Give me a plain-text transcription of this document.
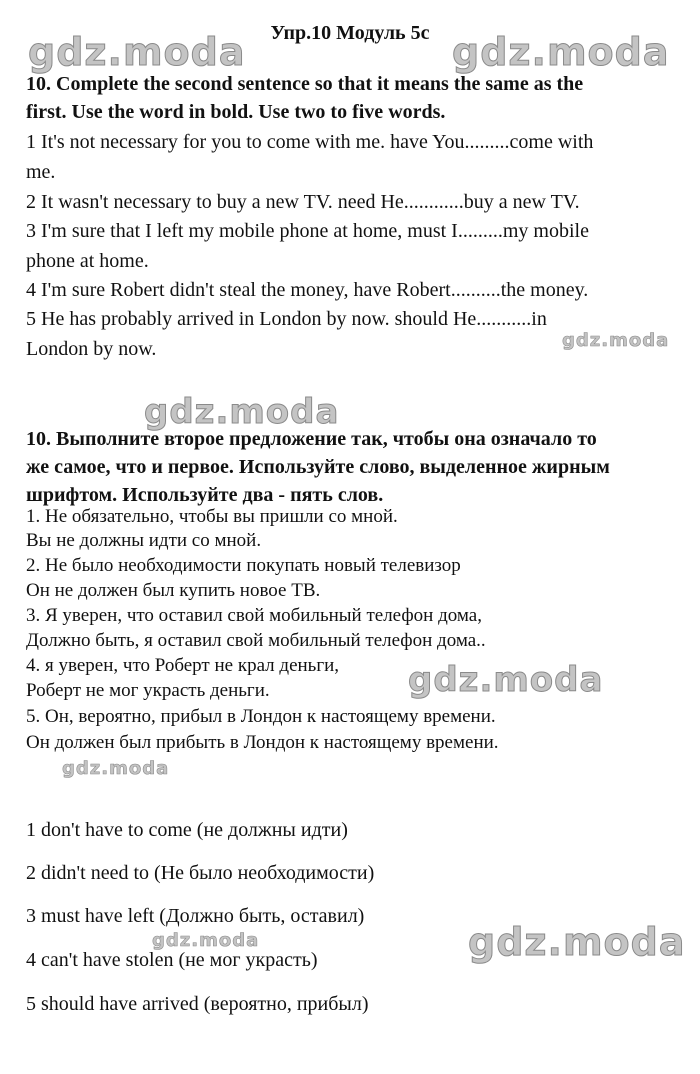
gdz.moda	gdz.moda
gdz.moda
gdz.moda
gdz.moda
gdz.moda
gdz.moda	gdz.moda
Упр.10 Модуль 5с
10. Complete the second sentence so that it means the same as the
first. Use the word in bold. Use two to five words.
1 It's not necessary for you to come with me. have You.........come with
me.
2 It wasn't necessary to buy a new TV. need He............buy a new TV.
3 I'm sure that I left my mobile phone at home, must I.........my mobile
phone at home.
4 I'm sure Robert didn't steal the money, have Robert..........the money.
5 He has probably arrived in London by now. should He...........in
London by now.
10. Выполните второе предложение так, чтобы она означало то
же самое, что и первое. Используйте слово, выделенное жирным
шрифтом. Используйте два - пять слов.
1. Не обязательно, чтобы вы пришли со мной.
Вы не должны идти со мной.
2. Не было необходимости покупать новый телевизор
Он не должен был купить новое ТВ.
3. Я уверен, что оставил свой мобильный телефон дома,
Должно быть, я оставил свой мобильный телефон дома..
4. я уверен, что Роберт не крал деньги,
Роберт не мог украсть деньги.
5. Он, вероятно, прибыл в Лондон к настоящему времени.
Он должен был прибыть в Лондон к настоящему времени.
1 don't have to come (не должны идти)
2 didn't need to (Не было необходимости)
3 must have left (Должно быть, оставил)
4 can't have stolen (не мог украсть)
5 should have arrived (вероятно, прибыл)
